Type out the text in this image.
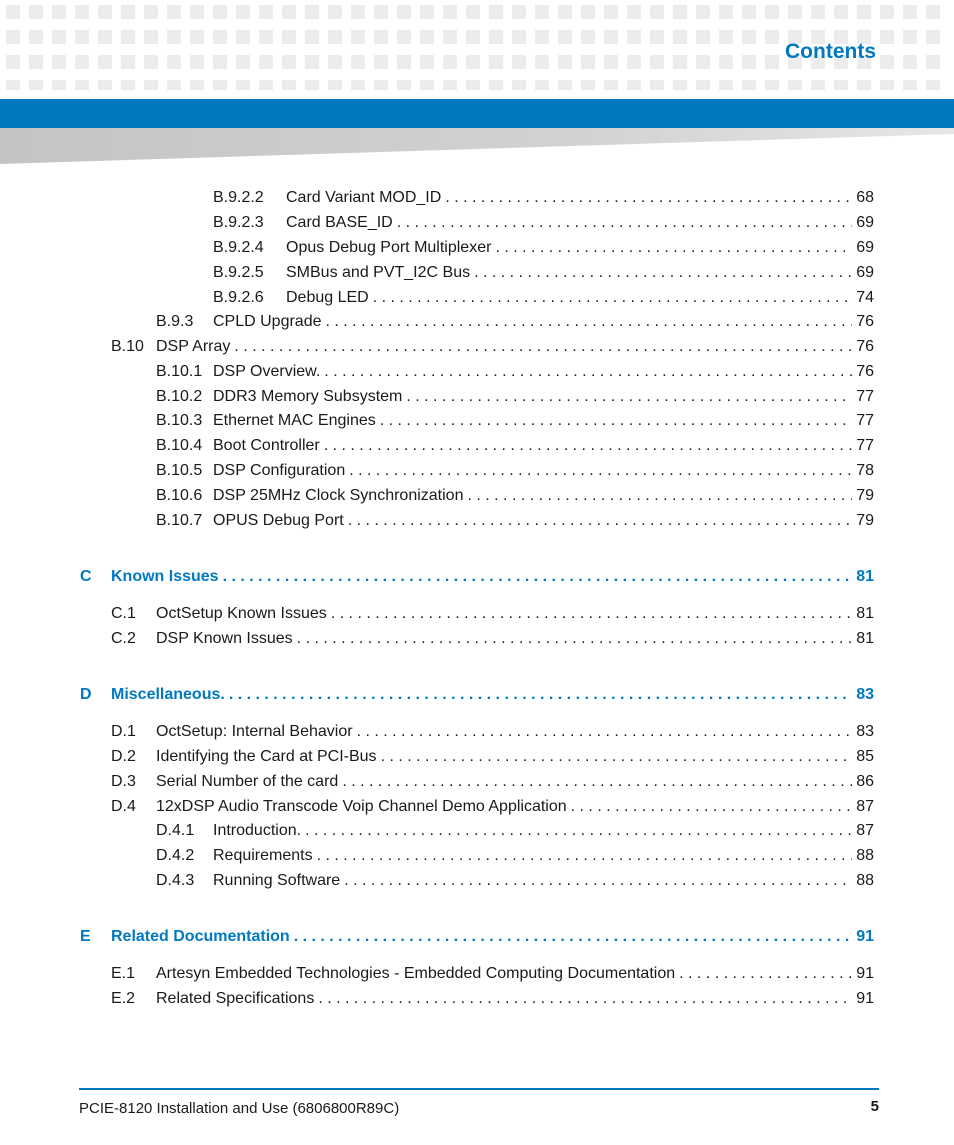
Contents
B.9.2.2	Card Variant MOD_ID . . .	68
B.9.2.3	Card BASE_ID . . .	69
B.9.2.4	Opus Debug Port Multiplexer . . .	69
B.9.2.5	SMBus and PVT_I2C Bus . . .	69
B.9.2.6	Debug LED . . .	74
B.9.3	CPLD Upgrade . . .	76
B.10 DSP Array . . .	76
B.10.1 DSP Overview. . . .	76
B.10.2 DDR3 Memory Subsystem . . .	77
B.10.3 Ethernet MAC Engines . . .	77
B.10.4 Boot Controller . . .	77
B.10.5 DSP Configuration . . .	78
B.10.6 DSP 25MHz Clock Synchronization . . .	79
B.10.7 OPUS Debug Port . . .	79
C	Known Issues . . .	81
C.1	OctSetup Known Issues . . .	81
C.2	DSP Known Issues . . .	81
D	Miscellaneous. . . .	83
D.1	OctSetup: Internal Behavior . . .	83
D.2	Identifying the Card at PCI-Bus . . .	85
D.3	Serial Number of the card . . .	86
D.4	12xDSP Audio Transcode Voip Channel Demo Application . . .	87
D.4.1	Introduction. . . .	87
D.4.2	Requirements . . .	88
D.4.3	Running Software . . .	88
E	Related Documentation . . .	91
E.1	Artesyn Embedded Technologies - Embedded Computing Documentation . . .	91
E.2	Related Specifications . . .	91
PCIE-8120 Installation and Use (6806800R89C)	5
